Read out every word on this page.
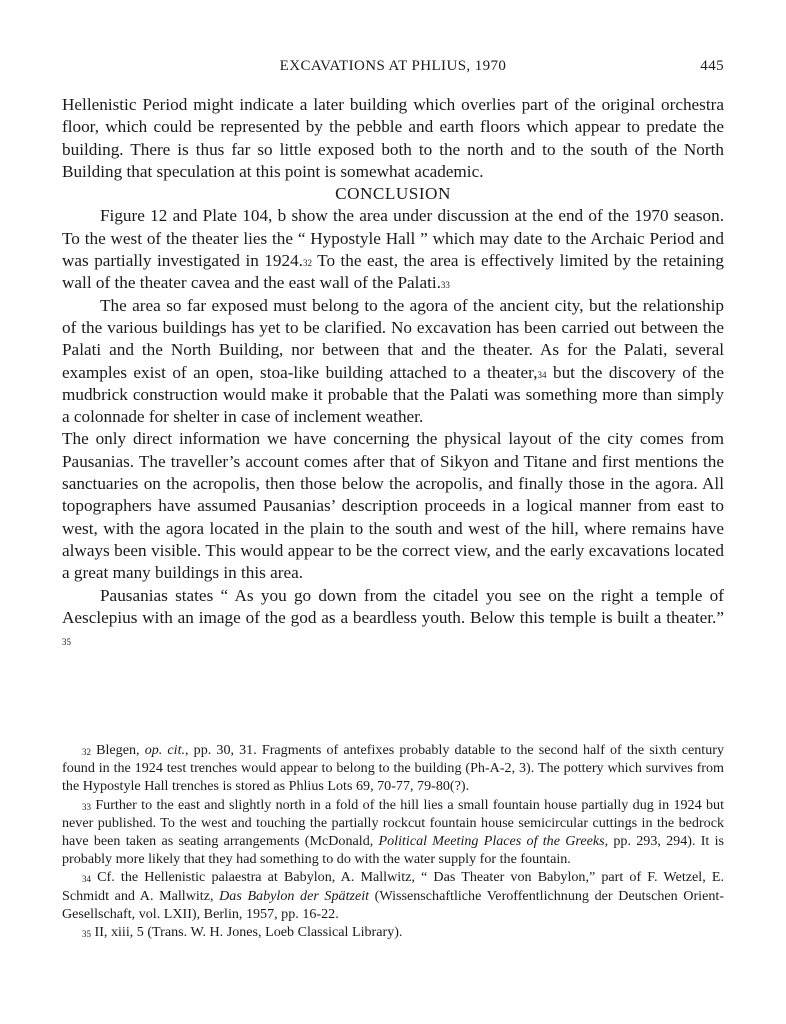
EXCAVATIONS AT PHLIUS, 1970	445

Hellenistic Period might indicate a later building which overlies part of the original orchestra floor, which could be represented by the pebble and earth floors which appear to predate the building. There is thus far so little exposed both to the north and to the south of the North Building that speculation at this point is somewhat academic.

CONCLUSION

Figure 12 and Plate 104, b show the area under discussion at the end of the 1970 season. To the west of the theater lies the “ Hypostyle Hall ” which may date to the Archaic Period and was partially investigated in 1924.32 To the east, the area is effectively limited by the retaining wall of the theater cavea and the east wall of the Palati.$^{33}$

The area so far exposed must belong to the agora of the ancient city, but the relationship of the various buildings has yet to be clarified. No excavation has been carried out between the Palati and the North Building, nor between that and the theater. As for the Palati, several examples exist of an open, stoa-like building attached to a theater,$^{34}$ but the discovery of the mudbrick construction would make it probable that the Palati was something more than simply a colonnade for shelter in case of inclement weather.

The only direct information we have concerning the physical layout of the city comes from Pausanias. The traveller’s account comes after that of Sikyon and Titane and first mentions the sanctuaries on the acropolis, then those below the acropolis, and finally those in the agora. All topographers have assumed Pausanias’ description proceeds in a logical manner from east to west, with the agora located in the plain to the south and west of the hill, where remains have always been visible. This would appear to be the correct view, and the early excavations located a great many buildings in this area.

Pausanias states “ As you go down from the citadel you see on the right a temple of Aesclepius with an image of the god as a beardless youth. Below this temple is built a theater.” $^{35}$

$^{32}$ Blegen, op. cit., pp. 30, 31. Fragments of antefixes probably datable to the second half of the sixth century found in the 1924 test trenches would appear to belong to the building (Ph-A-2, 3). The pottery which survives from the Hypostyle Hall trenches is stored as Phlius Lots 69, 70-77, 79-80(?).

$^{33}$ Further to the east and slightly north in a fold of the hill lies a small fountain house partially dug in 1924 but never published. To the west and touching the partially rockcut fountain house semicircular cuttings in the bedrock have been taken as seating arrangements (McDonald, Political Meeting Places of the Greeks, pp. 293, 294). It is probably more likely that they had something to do with the water supply for the fountain.

$^{34}$ Cf. the Hellenistic palaestra at Babylon, A. Mallwitz, “ Das Theater von Babylon,” part of F. Wetzel, E. Schmidt and A. Mallwitz, Das Babylon der Spätzeit (Wissenschaftliche Veroffentlichnung der Deutschen Orient-Gesellschaft, vol. LXII), Berlin, 1957, pp. 16-22.

$^{35}$ II, xiii, 5 (Trans. W. H. Jones, Loeb Classical Library).
